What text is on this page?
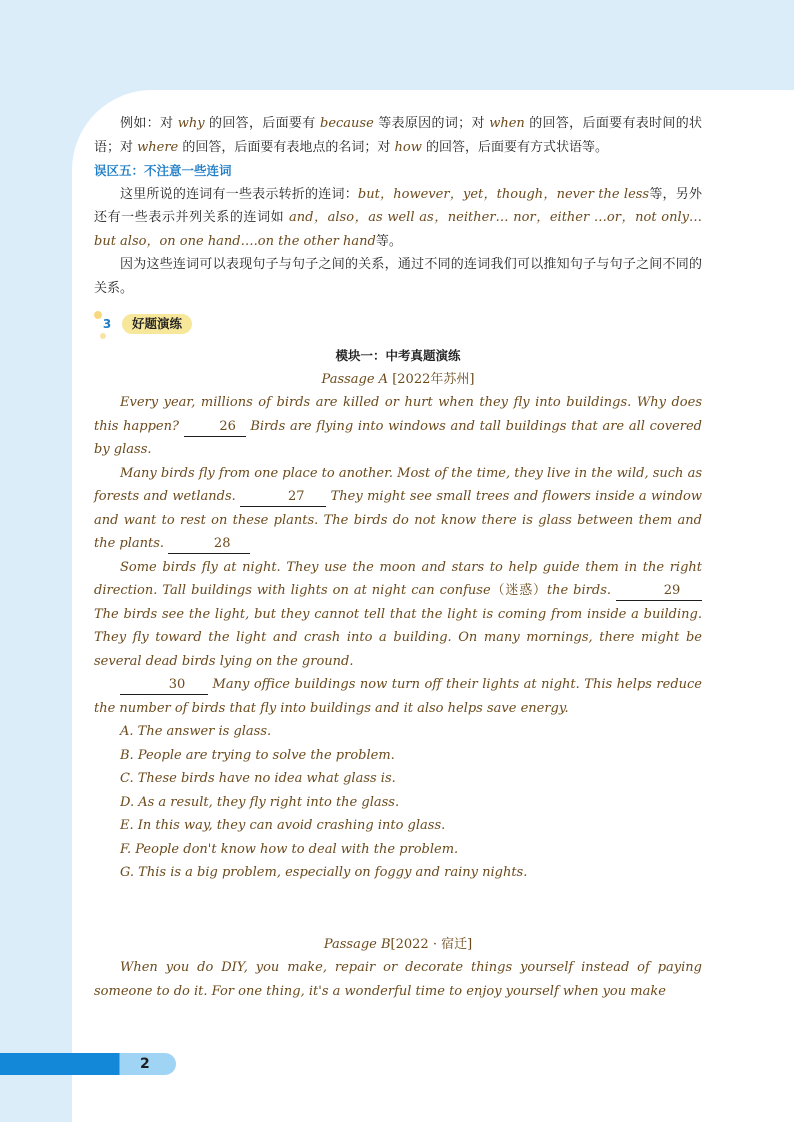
例如：对 why 的回答，后面要有 because 等表原因的词；对 when 的回答，后面要有表时间的状语；对 where 的回答，后面要有表地点的名词；对 how 的回答，后面要有方式状语等。

误区五：不注意一些连词

这里所说的连词有一些表示转折的连词：but，however，yet，though，never the less等，另外还有一些表示并列关系的连词如 and，also，as well as，neither… nor，either …or，not only… but also，on one hand….on the other hand等。

因为这些连词可以表现句子与句子之间的关系，通过不同的连词我们可以推知句子与句子之间不同的关系。

3	好题演练

模块一：中考真题演练

Passage A [2022年苏州]

Every year, millions of birds are killed or hurt when they fly into buildings. Why does this happen?	26 Birds are flying into windows and tall buildings that are all covered by glass.

Many birds fly from one place to another. Most of the time, they live in the wild, such as forests and wetlands.	27 They might see small trees and flowers inside a window and want to rest on these plants. The birds do not know there is glass between them and the plants.	28

Some birds fly at night. They use the moon and stars to help guide them in the right direction. Tall buildings with lights on at night can confuse（迷惑）the birds.	29 The birds see the light, but they cannot tell that the light is coming from inside a building. They fly toward the light and crash into a building. On many mornings, there might be several dead birds lying on the ground.

30 Many office buildings now turn off their lights at night. This helps reduce the number of birds that fly into buildings and it also helps save energy.

A. The answer is glass.

B. People are trying to solve the problem.

C. These birds have no idea what glass is.

D. As a result, they fly right into the glass.

E. In this way, they can avoid crashing into glass.

F. People don't know how to deal with the problem.

G. This is a big problem, especially on foggy and rainy nights.

Passage B[2022 · 宿迁]

When you do DIY, you make, repair or decorate things yourself instead of paying someone to do it. For one thing, it's a wonderful time to enjoy yourself when you make

2
